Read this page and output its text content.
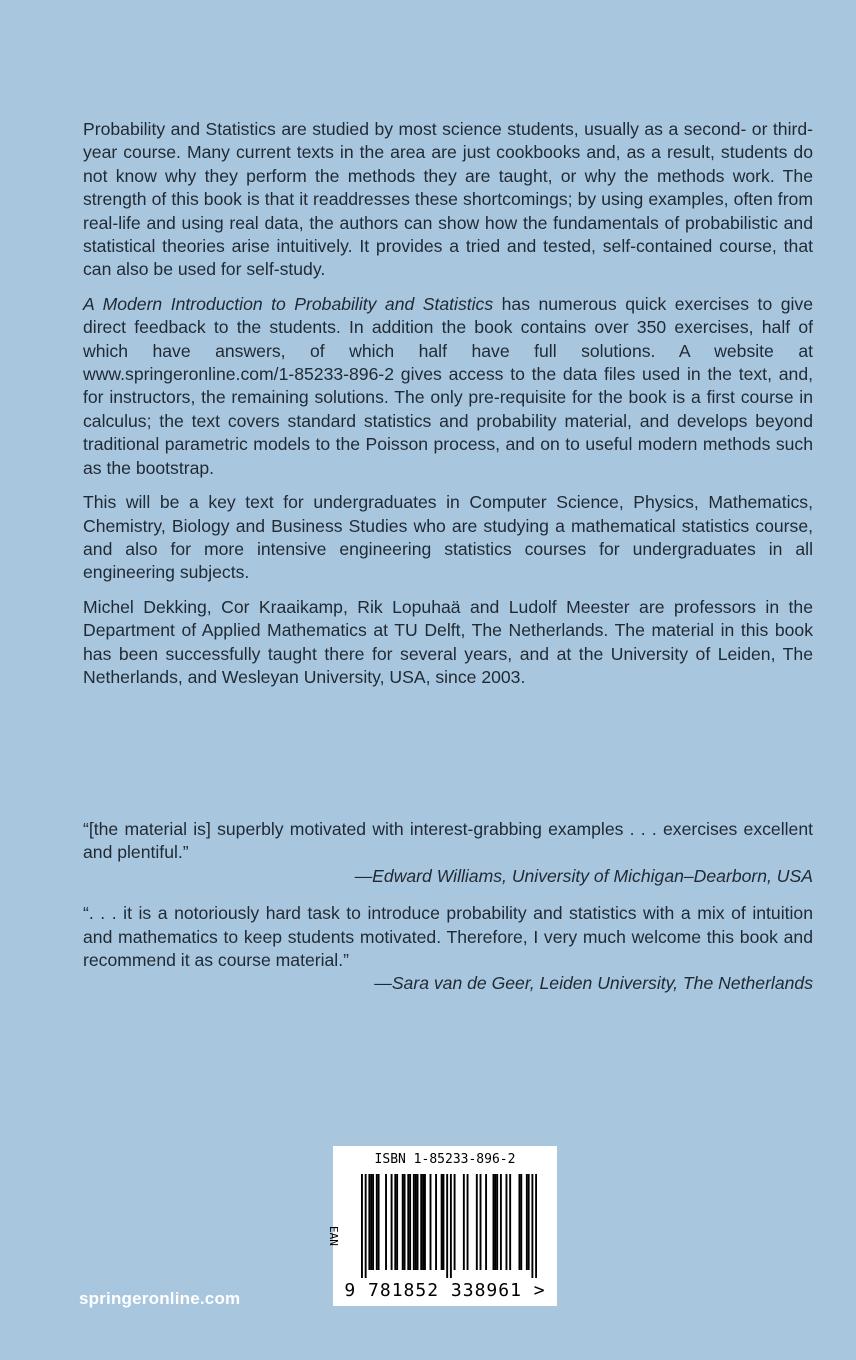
Probability and Statistics are studied by most science students, usually as a second- or third-year course. Many current texts in the area are just cookbooks and, as a result, students do not know why they perform the methods they are taught, or why the methods work. The strength of this book is that it readdresses these shortcomings; by using examples, often from real-life and using real data, the authors can show how the fundamentals of probabilistic and statistical theories arise intuitively. It provides a tried and tested, self-contained course, that can also be used for self-study.

A Modern Introduction to Probability and Statistics has numerous quick exercises to give direct feedback to the students. In addition the book contains over 350 exercises, half of which have answers, of which half have full solutions. A website at www.springeronline.com/1-85233-896-2 gives access to the data files used in the text, and, for instructors, the remaining solutions. The only pre-requisite for the book is a first course in calculus; the text covers standard statistics and probability material, and develops beyond traditional parametric models to the Poisson process, and on to useful modern methods such as the bootstrap.

This will be a key text for undergraduates in Computer Science, Physics, Mathematics, Chemistry, Biology and Business Studies who are studying a mathematical statistics course, and also for more intensive engineering statistics courses for undergraduates in all engineering subjects.

Michel Dekking, Cor Kraaikamp, Rik Lopuhaä and Ludolf Meester are professors in the Department of Applied Mathematics at TU Delft, The Netherlands. The material in this book has been successfully taught there for several years, and at the University of Leiden, The Netherlands, and Wesleyan University, USA, since 2003.

“[the material is] superbly motivated with interest-grabbing examples . . . exercises excellent and plentiful.”
—Edward Williams, University of Michigan–Dearborn, USA
“. . . it is a notoriously hard task to introduce probability and statistics with a mix of intuition and mathematics to keep students motivated. Therefore, I very much welcome this book and recommend it as course material.”
—Sara van de Geer, Leiden University, The Netherlands
springeronline.com
ISBN 1-85233-896-2
EAN
9 781852 338961 >
